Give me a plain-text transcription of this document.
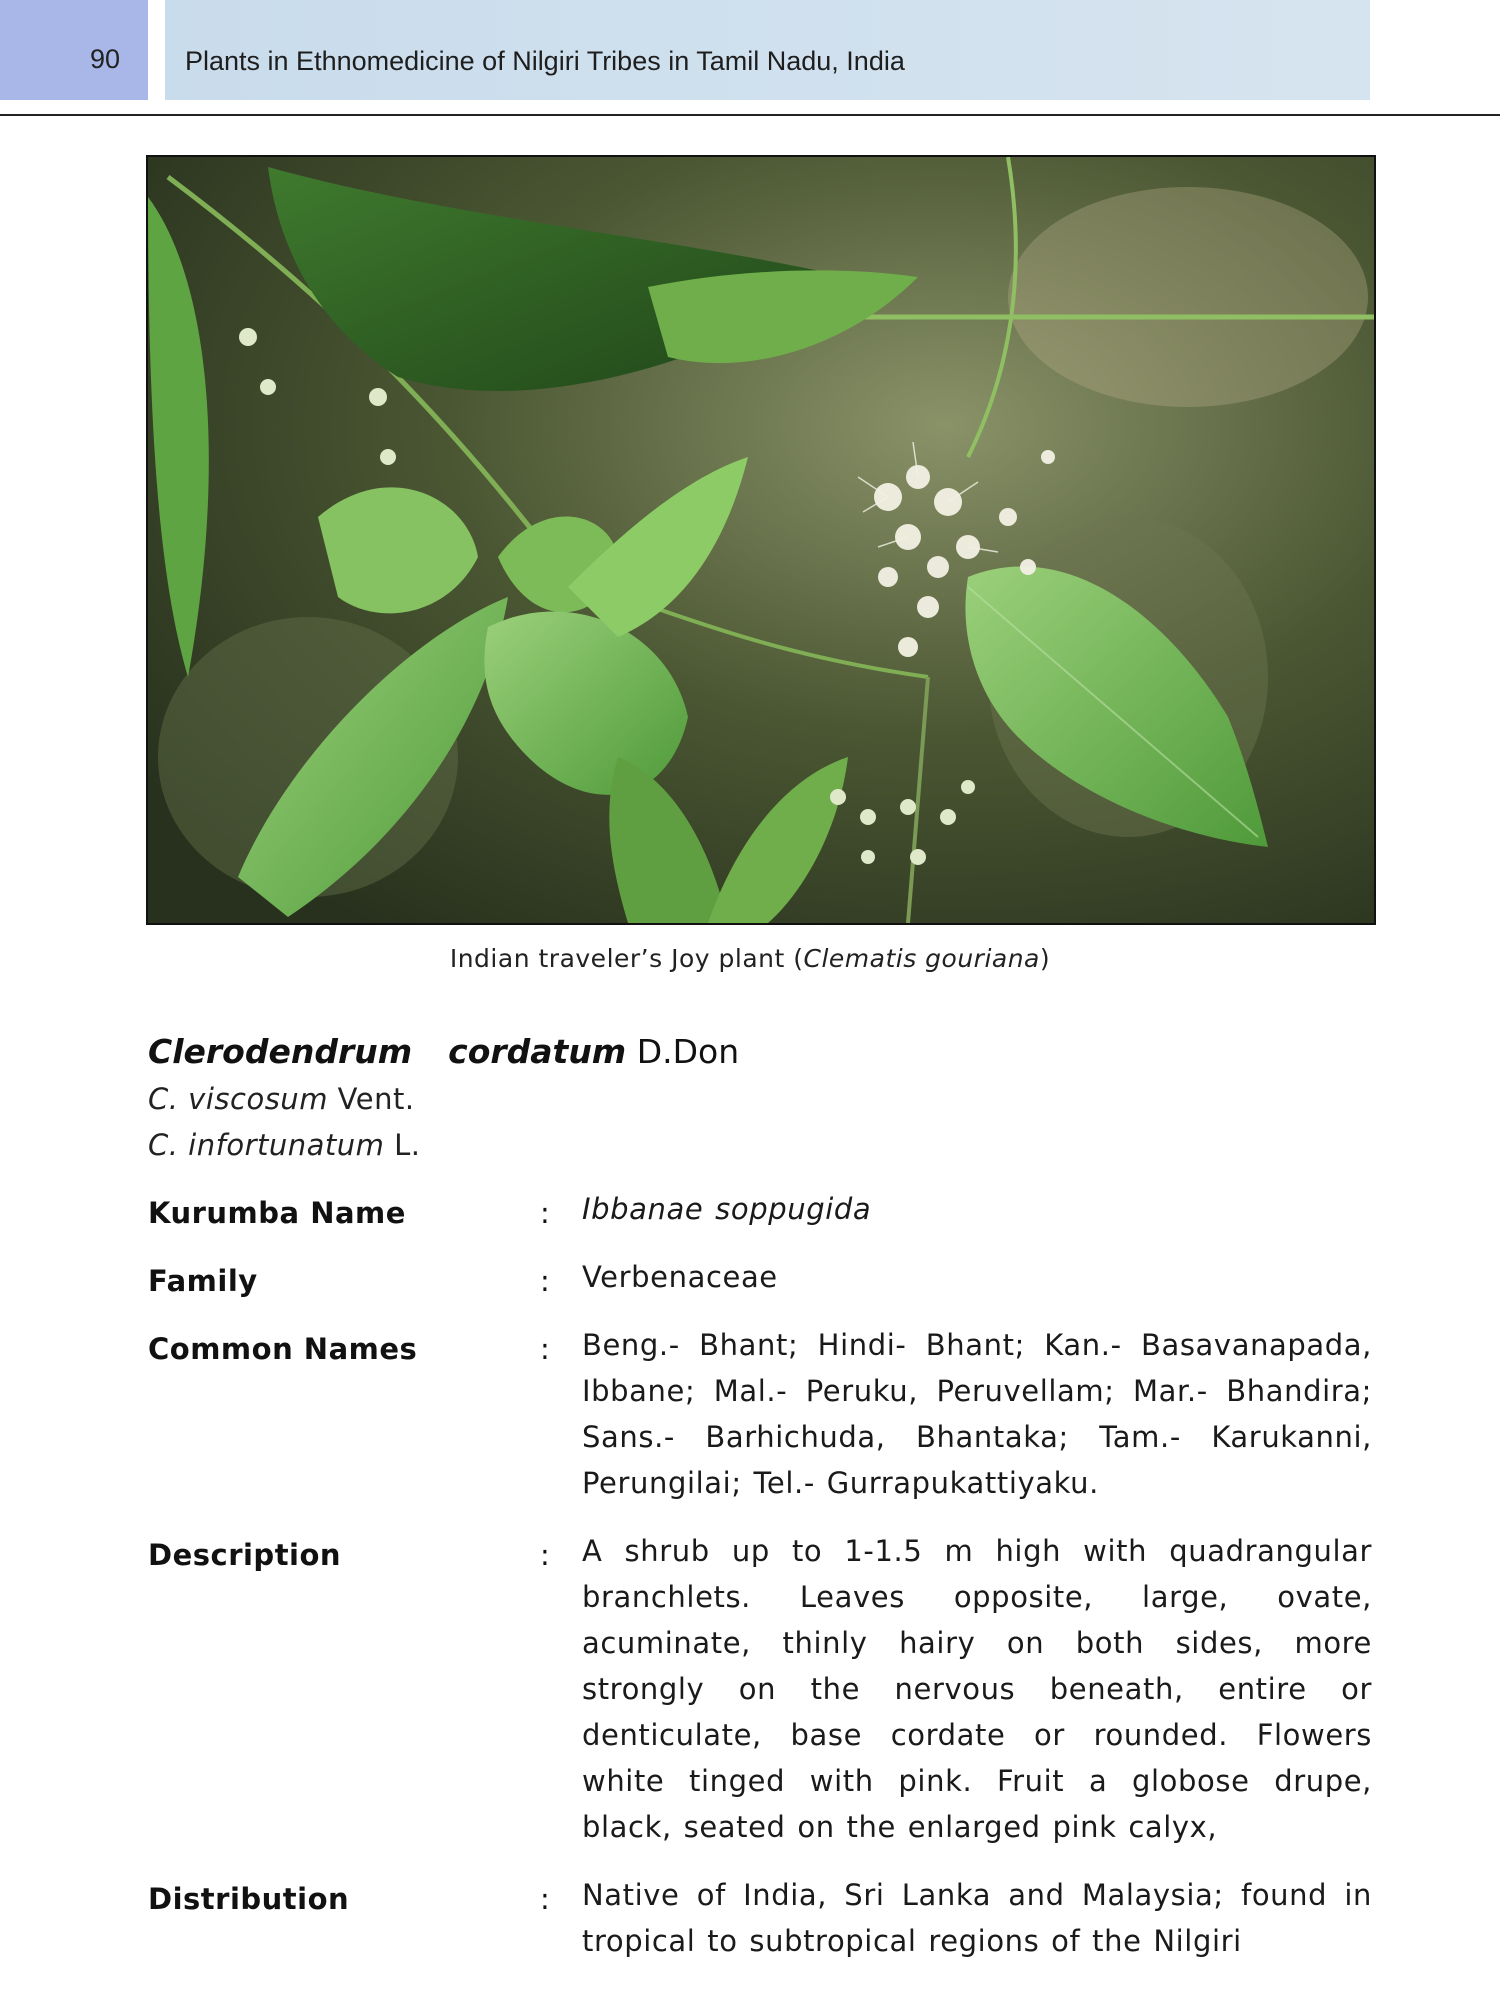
90 Plants in Ethnomedicine of Nilgiri Tribes in Tamil Nadu, India
Indian traveler’s Joy plant (Clematis gouriana)
Clerodendrum cordatum D.Don
C. viscosum Vent.
C. infortunatum L.
Kurumba Name	: Ibbanae soppugida
Family	: Verbenaceae
Common Names	: Beng.- Bhant; Hindi- Bhant; Kan.- Basavanapada, Ibbane; Mal.- Peruku, Peruvellam; Mar.- Bhandira; Sans.- Barhichuda, Bhantaka; Tam.- Karukanni, Perungilai; Tel.- Gurrapukattiyaku.
Description	: A shrub up to 1-1.5 m high with quadrangular branchlets. Leaves opposite, large, ovate, acuminate, thinly hairy on both sides, more strongly on the nervous beneath, entire or denticulate, base cordate or rounded. Flowers white tinged with pink. Fruit a globose drupe, black, seated on the enlarged pink calyx,
Distribution	: Native of India, Sri Lanka and Malaysia; found in tropical to subtropical regions of the Nilgiri
